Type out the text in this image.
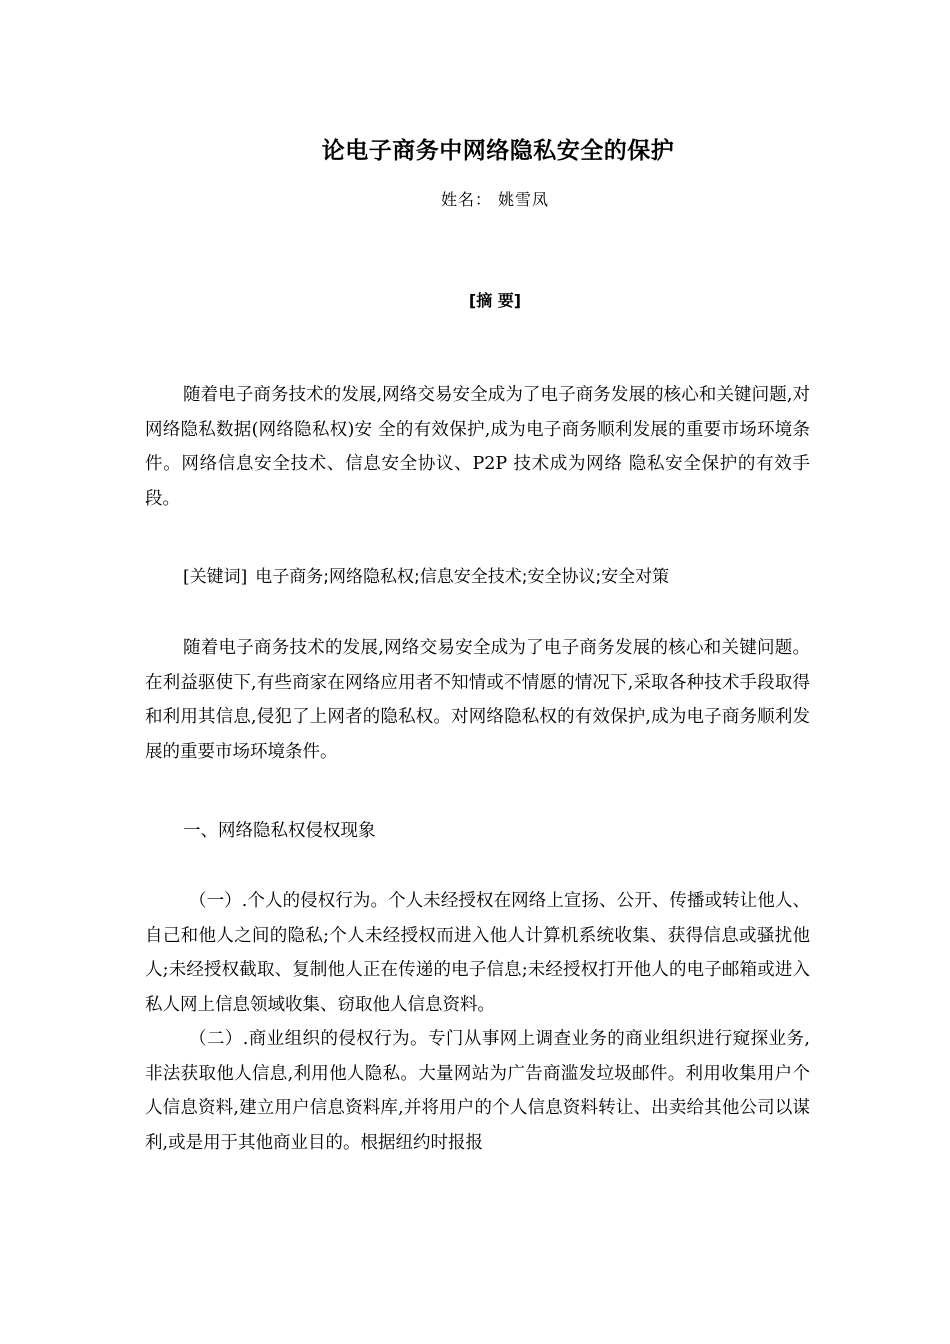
论电子商务中网络隐私安全的保护
姓名： 姚雪凤
[摘 要]
随着电子商务技术的发展,网络交易安全成为了电子商务发展的核心和关键问题,对网络隐私数据(网络隐私权)安 全的有效保护,成为电子商务顺利发展的重要市场环境条件。网络信息安全技术、信息安全协议、P2P 技术成为网络 隐私安全保护的有效手段。
[关键词] 电子商务;网络隐私权;信息安全技术;安全协议;安全对策
随着电子商务技术的发展,网络交易安全成为了电子商务发展的核心和关键问题。在利益驱使下,有些商家在网络应用者不知情或不情愿的情况下,采取各种技术手段取得和利用其信息,侵犯了上网者的隐私权。对网络隐私权的有效保护,成为电子商务顺利发展的重要市场环境条件。
一、网络隐私权侵权现象
（一）.个人的侵权行为。个人未经授权在网络上宣扬、公开、传播或转让他人、自己和他人之间的隐私;个人未经授权而进入他人计算机系统收集、获得信息或骚扰他人;未经授权截取、复制他人正在传递的电子信息;未经授权打开他人的电子邮箱或进入私人网上信息领域收集、窃取他人信息资料。
（二）.商业组织的侵权行为。专门从事网上调查业务的商业组织进行窥探业务,非法获取他人信息,利用他人隐私。大量网站为广告商滥发垃圾邮件。利用收集用户个人信息资料,建立用户信息资料库,并将用户的个人信息资料转让、出卖给其他公司以谋利,或是用于其他商业目的。根据纽约时报报
